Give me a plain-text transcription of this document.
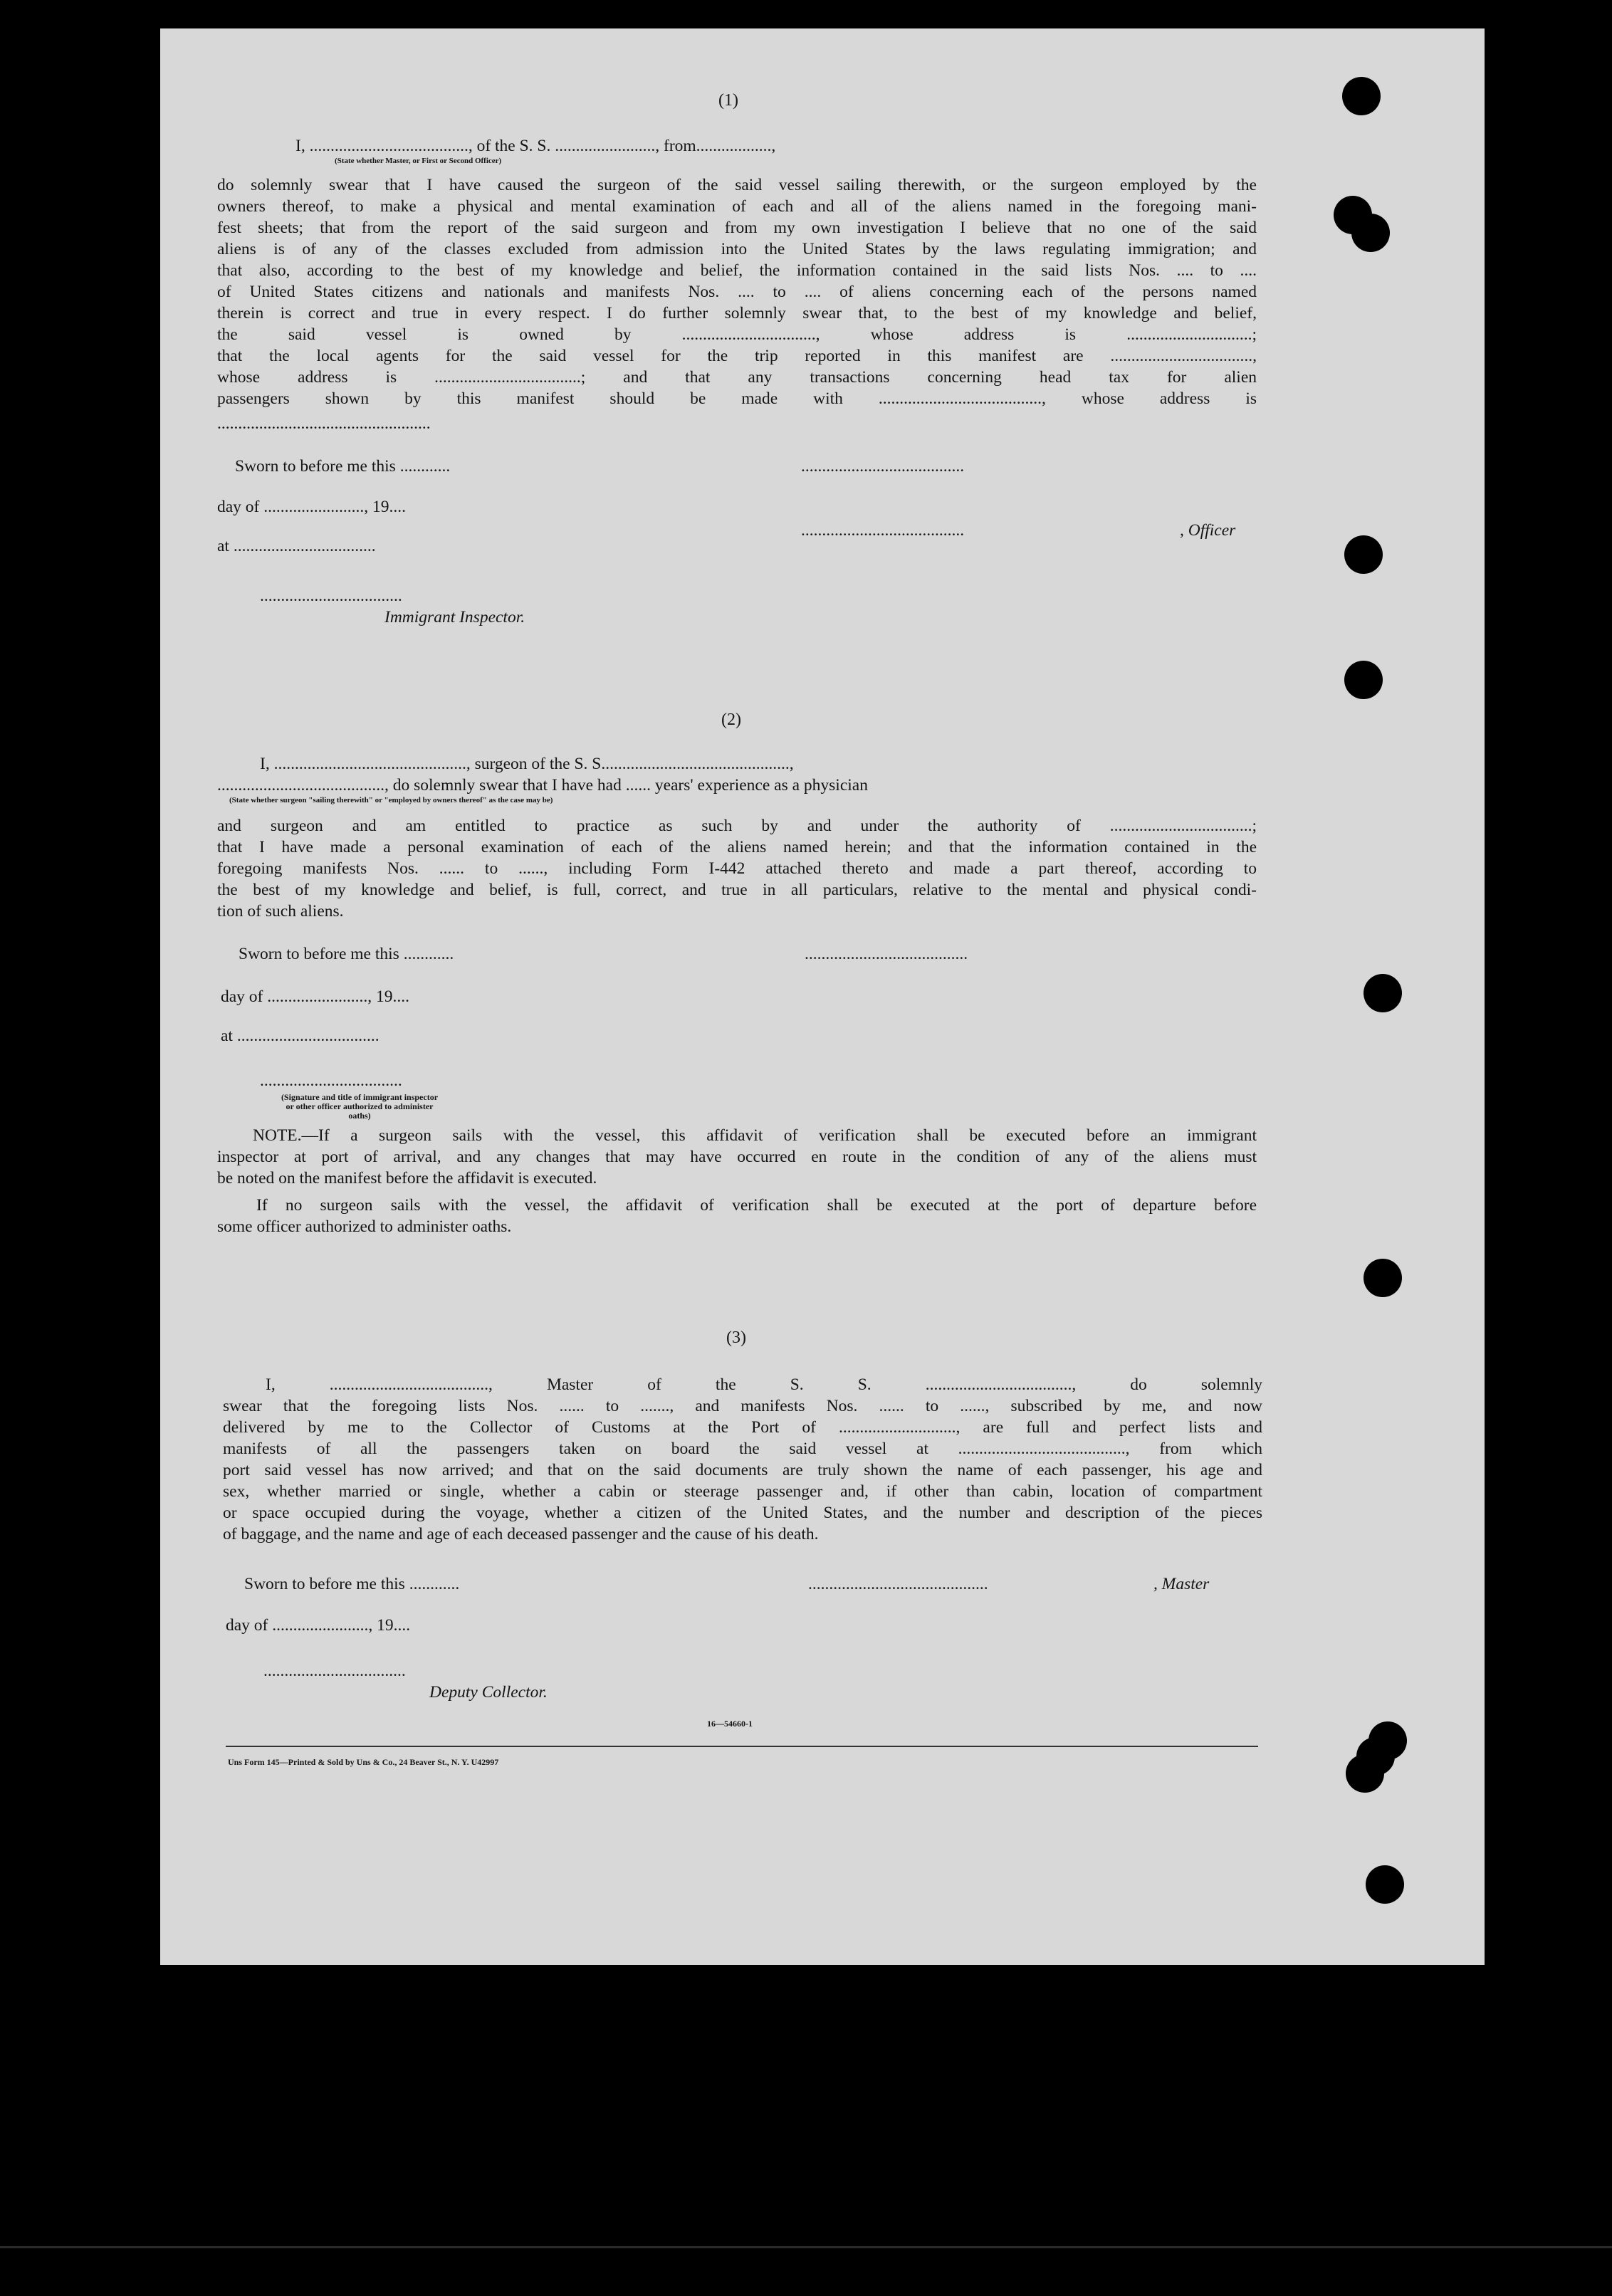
(1)
I, ......................................, of the S. S. ........................, from..................,
(State whether Master, or First or Second Officer)
do solemnly swear that I have caused the surgeon of the said vessel sailing therewith, or the surgeon employed by the
owners thereof, to make a physical and mental examination of each and all of the aliens named in the foregoing mani-
fest sheets; that from the report of the said surgeon and from my own investigation I believe that no one of the said
aliens is of any of the classes excluded from admission into the United States by the laws regulating immigration; and
that also, according to the best of my knowledge and belief, the information contained in the said lists Nos. .... to ....
of United States citizens and nationals and manifests Nos. .... to .... of aliens concerning each of the persons named
therein is correct and true in every respect. I do further solemnly swear that, to the best of my knowledge and belief,
the said vessel is owned by ................................, whose address is ..............................;
that the local agents for the said vessel for the trip reported in this manifest are ..................................,
whose address is ...................................; and that any transactions concerning head tax for alien
passengers shown by this manifest should be made with ......................................., whose address is
...................................................
Sworn to before me this ............
day of ........................, 19....
at ..................................
..................................
Immigrant Inspector.
.......................................
.......................................	, Officer
(2)
I, .............................................., surgeon of the S. S.............................................,
........................................, do solemnly swear that I have had ...... years' experience as a physician
(State whether surgeon "sailing therewith" or "employed by owners thereof" as the case may be)
and surgeon and am entitled to practice as such by and under the authority of ..................................;
that I have made a personal examination of each of the aliens named herein; and that the information contained in the
foregoing manifests Nos. ...... to ......, including Form I-442 attached thereto and made a part thereof, according to
the best of my knowledge and belief, is full, correct, and true in all particulars, relative to the mental and physical condi-
tion of such aliens.
Sworn to before me this ............	.......................................
day of ........................, 19....
at ..................................
..................................
(Signature and title of immigrant inspector or other officer authorized to administer oaths)
NOTE.—If a surgeon sails with the vessel, this affidavit of verification shall be executed before an immigrant
inspector at port of arrival, and any changes that may have occurred en route in the condition of any of the aliens must
be noted on the manifest before the affidavit is executed.
If no surgeon sails with the vessel, the affidavit of verification shall be executed at the port of departure before
some officer authorized to administer oaths.
(3)
I, ......................................, Master of the S. S. ..................................., do solemnly
swear that the foregoing lists Nos. ...... to ......., and manifests Nos. ...... to ......, subscribed by me, and now
delivered by me to the Collector of Customs at the Port of ............................, are full and perfect lists and
manifests of all the passengers taken on board the said vessel at ........................................, from which
port said vessel has now arrived; and that on the said documents are truly shown the name of each passenger, his age and
sex, whether married or single, whether a cabin or steerage passenger and, if other than cabin, location of compartment
or space occupied during the voyage, whether a citizen of the United States, and the number and description of the pieces
of baggage, and the name and age of each deceased passenger and the cause of his death.
Sworn to before me this ............	...........................................	, Master
day of ......................., 19....
..................................
Deputy Collector.
16—54660-1
Uns Form 145—Printed & Sold by Uns & Co., 24 Beaver St., N. Y. U42997
